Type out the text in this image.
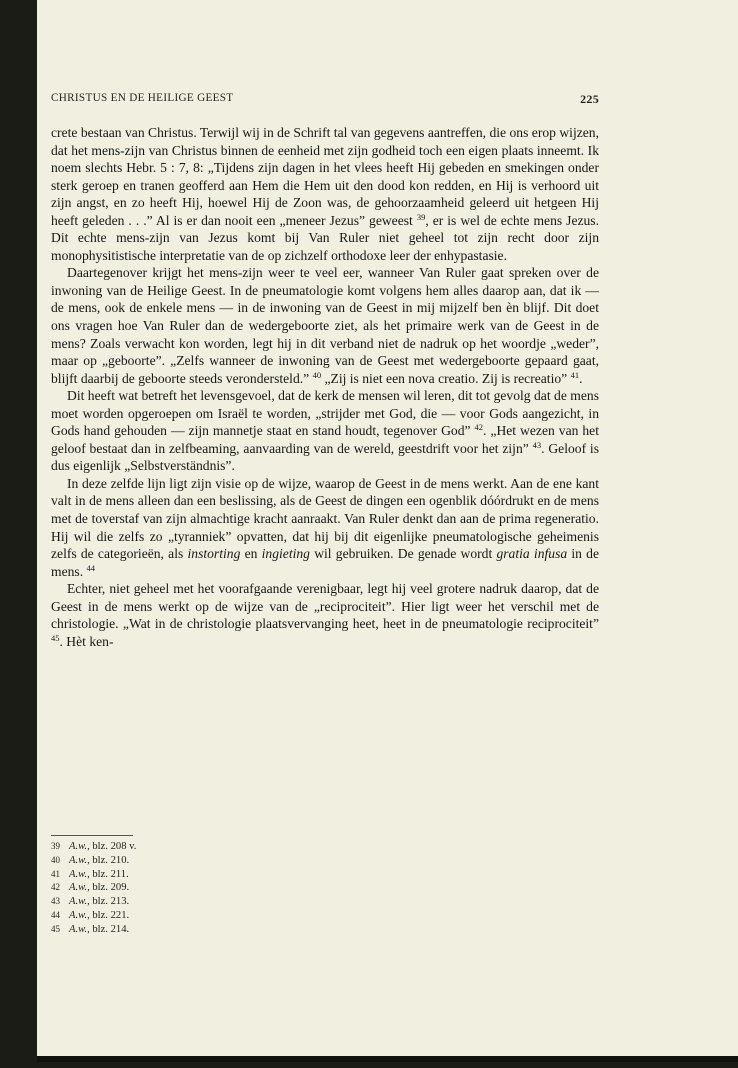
CHRISTUS EN DE HEILIGE GEEST	225

crete bestaan van Christus. Terwijl wij in de Schrift tal van gegevens aantreffen, die ons erop wijzen, dat het mens-zijn van Christus binnen de eenheid met zijn godheid toch een eigen plaats inneemt. Ik noem slechts Hebr. 5 : 7, 8: „Tijdens zijn dagen in het vlees heeft Hij gebeden en smekingen onder sterk geroep en tranen geofferd aan Hem die Hem uit den dood kon redden, en Hij is verhoord uit zijn angst, en zo heeft Hij, hoewel Hij de Zoon was, de gehoorzaamheid geleerd uit hetgeen Hij heeft geleden . . .” Al is er dan nooit een „meneer Jezus” geweest $^{39}$, er is wel de echte mens Jezus. Dit echte mens-zijn van Jezus komt bij Van Ruler niet geheel tot zijn recht door zijn monophysitistische interpretatie van de op zichzelf orthodoxe leer der enhypastasie.

Daartegenover krijgt het mens-zijn weer te veel eer, wanneer Van Ruler gaat spreken over de inwoning van de Heilige Geest. In de pneumatologie komt volgens hem alles daarop aan, dat ik — de mens, ook de enkele mens — in de inwoning van de Geest in mij mijzelf ben èn blijf. Dit doet ons vragen hoe Van Ruler dan de wedergeboorte ziet, als het primaire werk van de Geest in de mens? Zoals verwacht kon worden, legt hij in dit verband niet de nadruk op het woordje „weder”, maar op „geboorte”. „Zelfs wanneer de inwoning van de Geest met wedergeboorte gepaard gaat, blijft daarbij de geboorte steeds verondersteld.” $^{40}$ „Zij is niet een nova creatio. Zij is recreatio” $^{41}$.

Dit heeft wat betreft het levensgevoel, dat de kerk de mensen wil leren, dit tot gevolg dat de mens moet worden opgeroepen om Israël te worden, „strijder met God, die — voor Gods aangezicht, in Gods hand gehouden — zijn mannetje staat en stand houdt, tegenover God” $^{42}$. „Het wezen van het geloof bestaat dan in zelfbeaming, aanvaarding van de wereld, geestdrift voor het zijn” $^{43}$. Geloof is dus eigenlijk „Selbstverständnis”.

In deze zelfde lijn ligt zijn visie op de wijze, waarop de Geest in de mens werkt. Aan de ene kant valt in de mens alleen dan een beslissing, als de Geest de dingen een ogenblik dóórdrukt en de mens met de toverstaf van zijn almachtige kracht aanraakt. Van Ruler denkt dan aan de prima regeneratio. Hij wil die zelfs zo „tyranniek” opvatten, dat hij bij dit eigenlijke pneumatologische geheimenis zelfs de categorieën, als instorting en ingieting wil gebruiken. De genade wordt gratia infusa in de mens. $^{44}$

Echter, niet geheel met het voorafgaande verenigbaar, legt hij veel grotere nadruk daarop, dat de Geest in de mens werkt op de wijze van de „reciprociteit”. Hier ligt weer het verschil met de christologie. „Wat in de christologie plaatsvervanging heet, heet in de pneumatologie reciprociteit” $^{45}$. Hèt ken-

39 A.w., blz. 208 v.
40 A.w., blz. 210.
41 A.w., blz. 211.
42 A.w., blz. 209.
43 A.w., blz. 213.
44 A.w., blz. 221.
45 A.w., blz. 214.
